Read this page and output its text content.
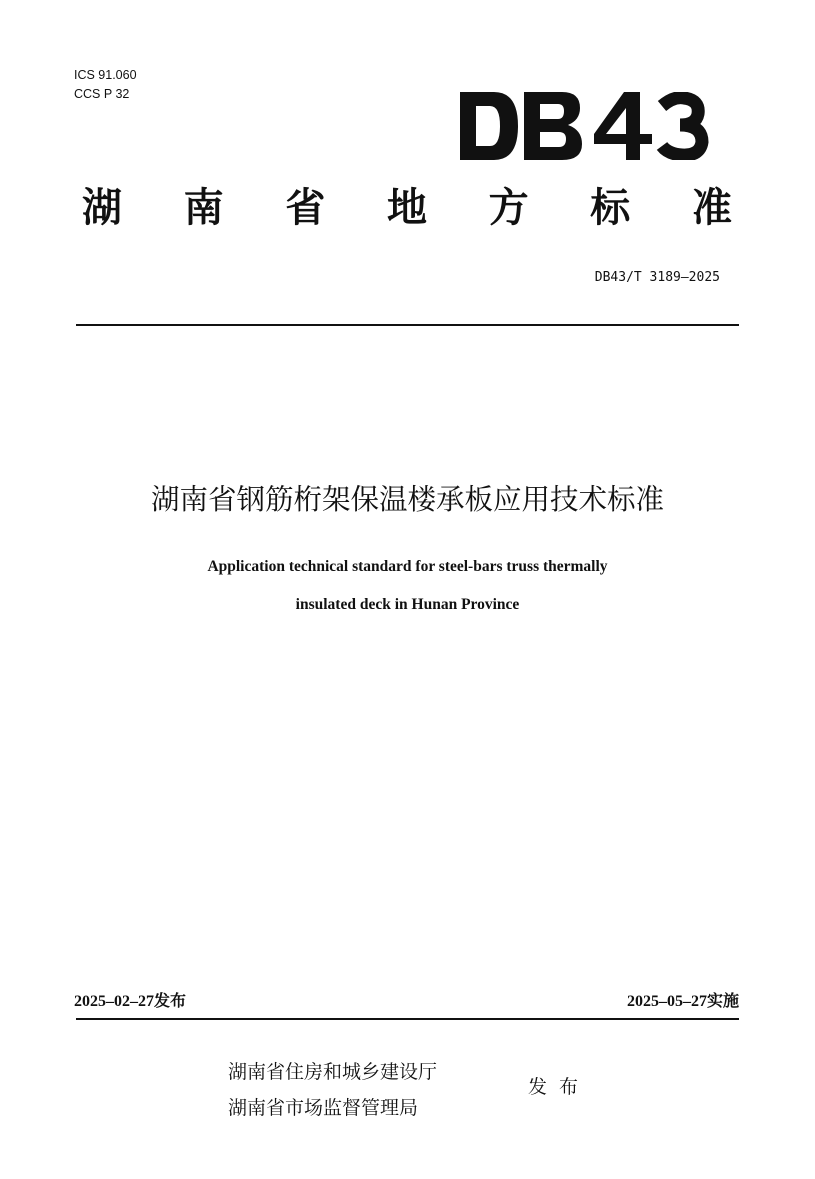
ICS 91.060
CCS P 32
湖 南 省 地 方 标 准
DB43/T 3189—2025
湖南省钢筋桁架保温楼承板应用技术标准
Application technical standard for steel-bars truss thermally
insulated deck in Hunan Province
2025–02–27发布	2025–05–27实施
湖南省住房和城乡建设厅
湖南省市场监督管理局
发布
